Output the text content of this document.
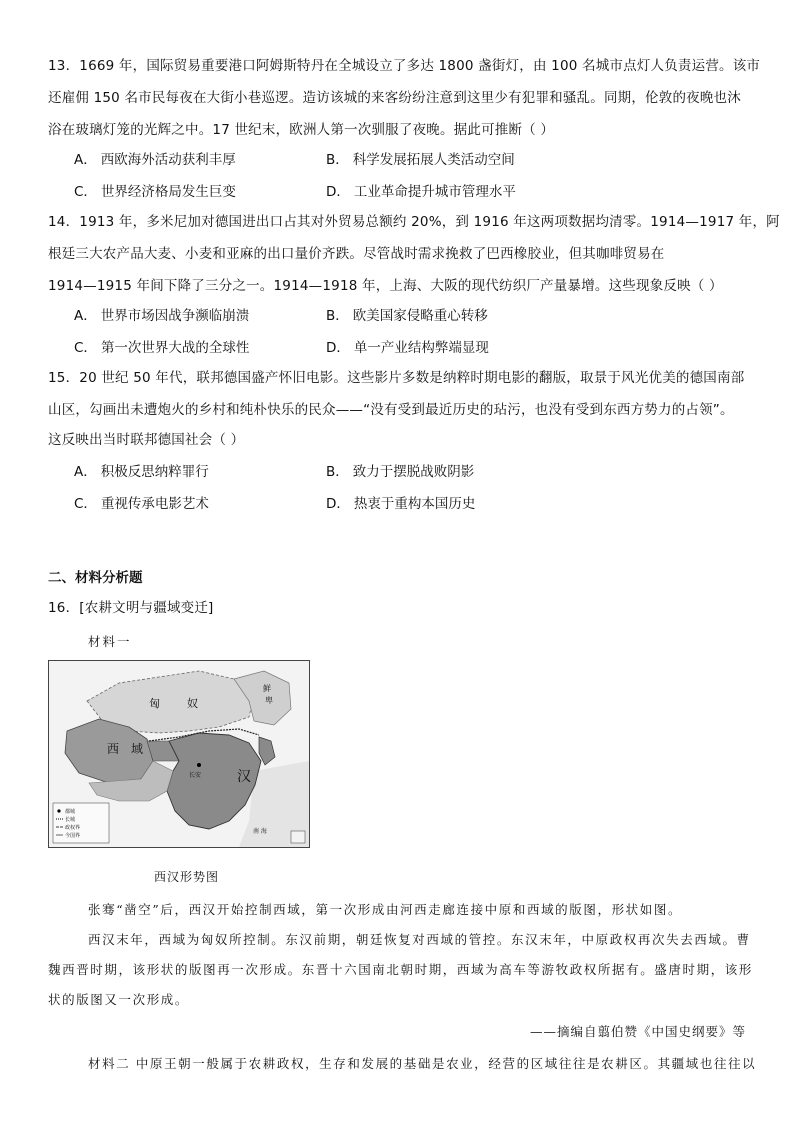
13．1669 年，国际贸易重要港口阿姆斯特丹在全城设立了多达 1800 盏街灯，由 100 名城市点灯人负责运营。该市
还雇佣 150 名市民每夜在大街小巷巡逻。造访该城的来客纷纷注意到这里少有犯罪和骚乱。同期，伦敦的夜晚也沐
浴在玻璃灯笼的光辉之中。17 世纪末，欧洲人第一次驯服了夜晚。据此可推断（ ）
A． 西欧海外活动获利丰厚	B． 科学发展拓展人类活动空间
C． 世界经济格局发生巨变	D． 工业革命提升城市管理水平
14．1913 年，多米尼加对德国进出口占其对外贸易总额约 20%，到 1916 年这两项数据均清零。1914—1917 年，阿
根廷三大农产品大麦、小麦和亚麻的出口量价齐跌。尽管战时需求挽救了巴西橡胶业，但其咖啡贸易在
1914—1915 年间下降了三分之一。1914—1918 年，上海、大阪的现代纺织厂产量暴增。这些现象反映（ ）
A． 世界市场因战争濒临崩溃	B． 欧美国家侵略重心转移
C． 第一次世界大战的全球性	D． 单一产业结构弊端显现
15．20 世纪 50 年代，联邦德国盛产怀旧电影。这些影片多数是纳粹时期电影的翻版，取景于风光优美的德国南部
山区，勾画出未遭炮火的乡村和纯朴快乐的民众——“没有受到最近历史的玷污，也没有受到东西方势力的占领”。
这反映出当时联邦德国社会（ ）
A． 积极反思纳粹罪行	B． 致力于摆脱战败阴影
C． 重视传承电影艺术	D． 热衷于重构本国历史
二、材料分析题
16．[农耕文明与疆域变迁]
材料一
匈 奴
西 域
汉
鲜
卑
长安
南 海
都城
长城
政权界
今国界
西汉形势图
张骞“凿空”后，西汉开始控制西域，第一次形成由河西走廊连接中原和西域的版图，形状如图。
西汉末年，西域为匈奴所控制。东汉前期，朝廷恢复对西域的管控。东汉末年，中原政权再次失去西域。曹
魏西晋时期，该形状的版图再一次形成。东晋十六国南北朝时期，西域为高车等游牧政权所据有。盛唐时期，该形
状的版图又一次形成。
——摘编自翦伯赞《中国史纲要》等
材料二 中原王朝一般属于农耕政权，生存和发展的基础是农业，经营的区域往往是农耕区。其疆域也往往以
